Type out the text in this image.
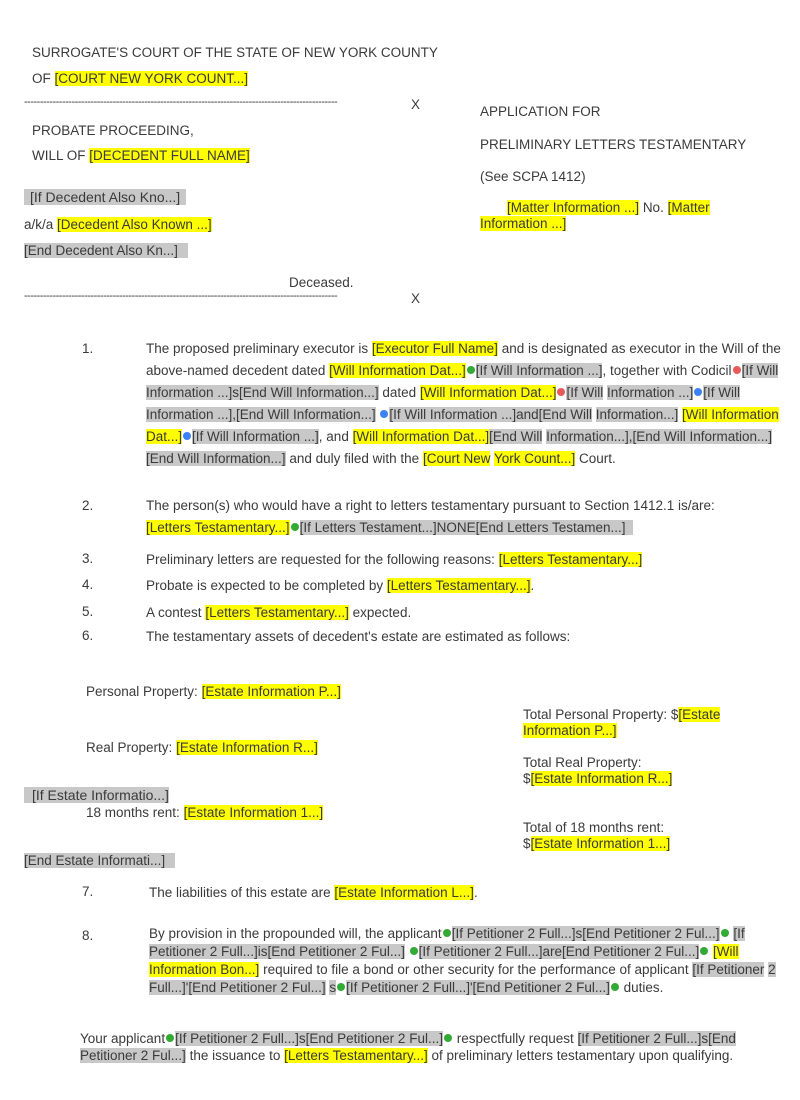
SURROGATE'S COURT OF THE STATE OF NEW YORK COUNTY
OF [COURT NEW YORK COUNT...]
---------------------------------------------------------------------------------------------------	X
PROBATE PROCEEDING,
WILL OF [DECEDENT FULL NAME]
[If Decedent Also Kno...]
a/k/a [Decedent Also Known ...]
[End Decedent Also Kn...]
Deceased.
---------------------------------------------------------------------------------------------------	X
APPLICATION FOR
PRELIMINARY LETTERS TESTAMENTARY
(See SCPA 1412)
[Matter Information ...] No. [Matter
Information ...]
1.	The proposed preliminary executor is [Executor Full Name] and is designated as executor in the Will of the above-named decedent dated [Will Information Dat...] [If Will Information ...], together with Codicil [If Will Information ...]s[End Will Information...] dated [Will Information Dat...] [If Will Information ...] [If Will Information ...],[End Will Information...] [If Will Information ...]and[End Will Information...] [Will Information Dat...] [If Will Information ...], and [Will Information Dat...][End Will Information...],[End Will Information...] [End Will Information...] and duly filed with the [Court New York Count...] Court.
2.	The person(s) who would have a right to letters testamentary pursuant to Section 1412.1 is/are:
[Letters Testamentary...] [If Letters Testament...]NONE[End Letters Testamen...]
3.	Preliminary letters are requested for the following reasons: [Letters Testamentary...]
4.	Probate is expected to be completed by [Letters Testamentary...].
5.	A contest [Letters Testamentary...] expected.
6.	The testamentary assets of decedent's estate are estimated as follows:
Personal Property: [Estate Information P...]
Total Personal Property: $[Estate
Information P...]
Real Property: [Estate Information R...]
Total Real Property:
$[Estate Information R...]
[If Estate Informatio...]
18 months rent: [Estate Information 1...]
Total of 18 months rent:
$[Estate Information 1...]
[End Estate Informati...]
7.	The liabilities of this estate are [Estate Information L...].
8.	By provision in the propounded will, the applicant [If Petitioner 2 Full...]s[End Petitioner 2 Ful...] [If Petitioner 2 Full...]is[End Petitioner 2 Ful...] [If Petitioner 2 Full...]are[End Petitioner 2 Ful...] [Will Information Bon...] required to file a bond or other security for the performance of applicant [If Petitioner 2 Full...]'[End Petitioner 2 Ful...] s [If Petitioner 2 Full...]'[End Petitioner 2 Ful...] duties.
Your applicant [If Petitioner 2 Full...]s[End Petitioner 2 Ful...] respectfully request [If Petitioner 2 Full...]s[End Petitioner 2 Ful...] the issuance to [Letters Testamentary...] of preliminary letters testamentary upon qualifying.
